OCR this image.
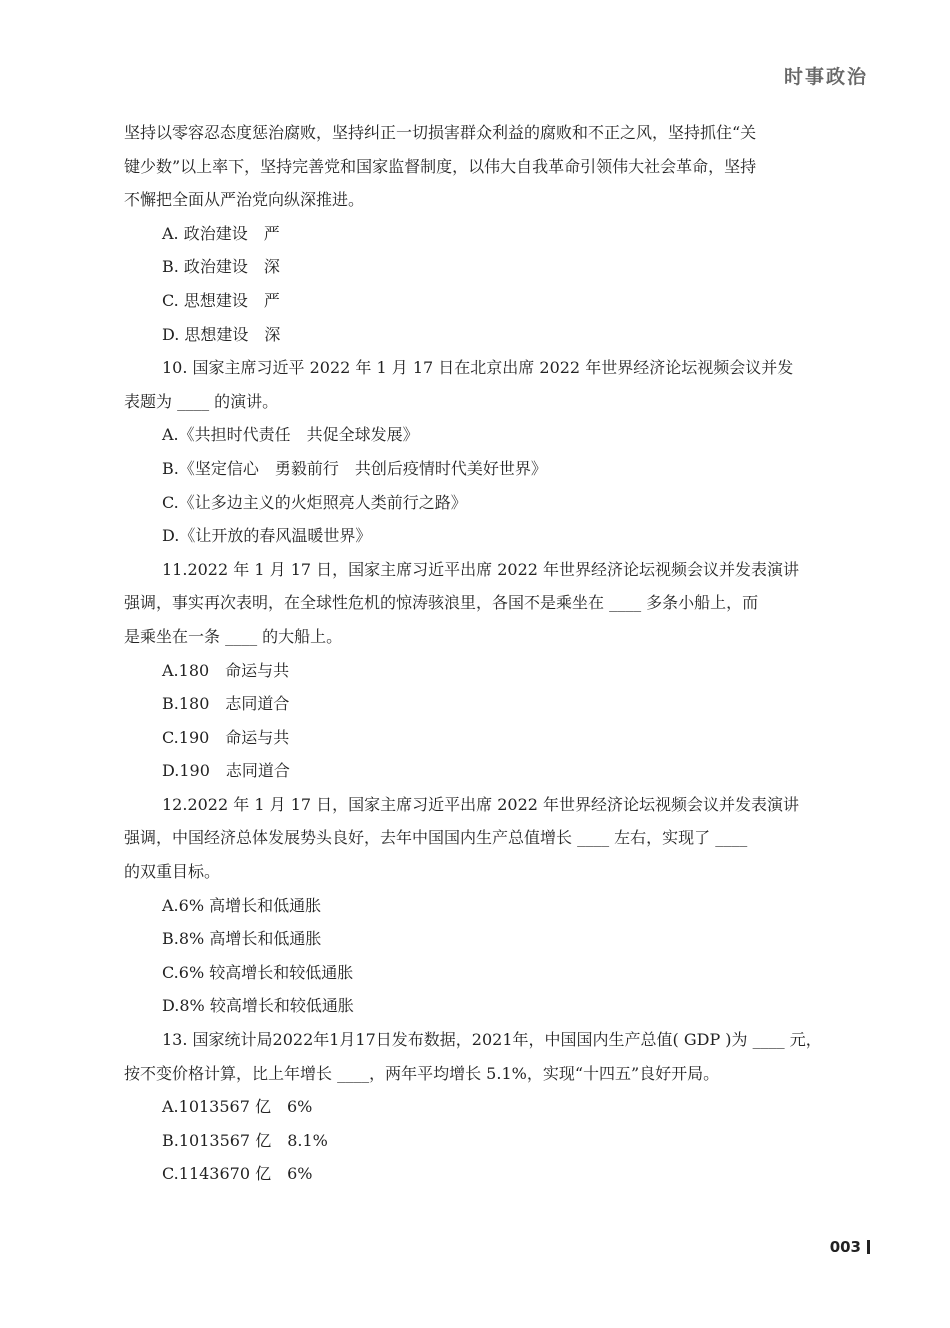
时事政治
坚持以零容忍态度惩治腐败，坚持纠正一切损害群众利益的腐败和不正之风，坚持抓住“关
键少数”以上率下，坚持完善党和国家监督制度，以伟大自我革命引领伟大社会革命，坚持
不懈把全面从严治党向纵深推进。
A. 政治建设　严
B. 政治建设　深
C. 思想建设　严
D. 思想建设　深
10. 国家主席习近平 2022 年 1 月 17 日在北京出席 2022 年世界经济论坛视频会议并发
表题为 ____ 的演讲。
A.《共担时代责任　共促全球发展》
B.《坚定信心　勇毅前行　共创后疫情时代美好世界》
C.《让多边主义的火炬照亮人类前行之路》
D.《让开放的春风温暖世界》
11.2022 年 1 月 17 日，国家主席习近平出席 2022 年世界经济论坛视频会议并发表演讲
强调，事实再次表明，在全球性危机的惊涛骇浪里，各国不是乘坐在 ____ 多条小船上，而
是乘坐在一条 ____ 的大船上。
A.180　命运与共
B.180　志同道合
C.190　命运与共
D.190　志同道合
12.2022 年 1 月 17 日，国家主席习近平出席 2022 年世界经济论坛视频会议并发表演讲
强调，中国经济总体发展势头良好，去年中国国内生产总值增长 ____ 左右，实现了 ____
的双重目标。
A.6% 高增长和低通胀
B.8% 高增长和低通胀
C.6% 较高增长和较低通胀
D.8% 较高增长和较低通胀
13. 国家统计局2022年1月17日发布数据，2021年，中国国内生产总值( GDP )为 ____ 元，
按不变价格计算，比上年增长 ____，两年平均增长 5.1%，实现“十四五”良好开局。
A.1013567 亿　6%
B.1013567 亿　8.1%
C.1143670 亿　6%
003
